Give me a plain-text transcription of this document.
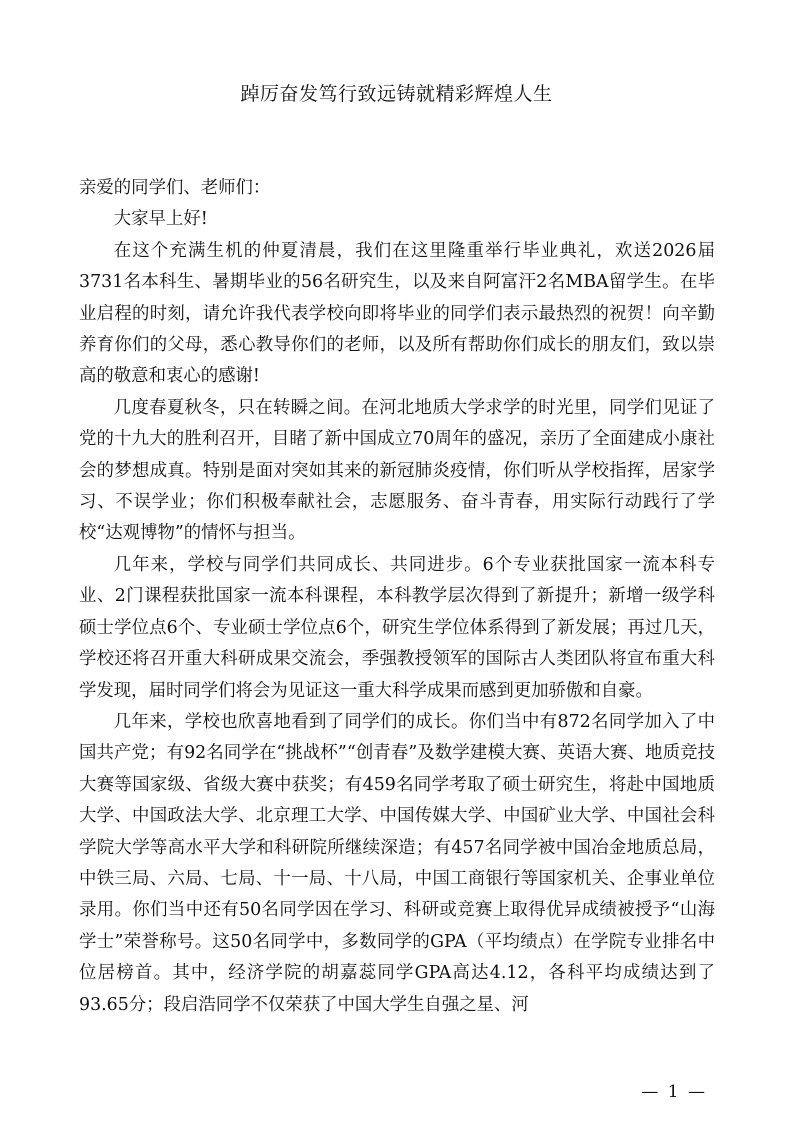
踔厉奋发笃行致远铸就精彩辉煌人生

亲爱的同学们、老师们：

大家早上好!

在这个充满生机的仲夏清晨，我们在这里隆重举行毕业典礼，欢送2026届3731名本科生、暑期毕业的56名研究生，以及来自阿富汗2名MBA留学生。在毕业启程的时刻，请允许我代表学校向即将毕业的同学们表示最热烈的祝贺！向辛勤养育你们的父母，悉心教导你们的老师，以及所有帮助你们成长的朋友们，致以崇高的敬意和衷心的感谢!

几度春夏秋冬，只在转瞬之间。在河北地质大学求学的时光里，同学们见证了党的十九大的胜利召开，目睹了新中国成立70周年的盛况，亲历了全面建成小康社会的梦想成真。特别是面对突如其来的新冠肺炎疫情，你们听从学校指挥，居家学习、不误学业；你们积极奉献社会，志愿服务、奋斗青春，用实际行动践行了学校“达观博物”的情怀与担当。

几年来，学校与同学们共同成长、共同进步。6个专业获批国家一流本科专业、2门课程获批国家一流本科课程，本科教学层次得到了新提升；新增一级学科硕士学位点6个、专业硕士学位点6个，研究生学位体系得到了新发展；再过几天，学校还将召开重大科研成果交流会，季强教授领军的国际古人类团队将宣布重大科学发现，届时同学们将会为见证这一重大科学成果而感到更加骄傲和自豪。

几年来，学校也欣喜地看到了同学们的成长。你们当中有872名同学加入了中国共产党；有92名同学在“挑战杯”“创青春”及数学建模大赛、英语大赛、地质竞技大赛等国家级、省级大赛中获奖；有459名同学考取了硕士研究生，将赴中国地质大学、中国政法大学、北京理工大学、中国传媒大学、中国矿业大学、中国社会科学院大学等高水平大学和科研院所继续深造；有457名同学被中国冶金地质总局，中铁三局、六局、七局、十一局、十八局，中国工商银行等国家机关、企事业单位录用。你们当中还有50名同学因在学习、科研或竞赛上取得优异成绩被授予“山海学士”荣誉称号。这50名同学中，多数同学的GPA（平均绩点）在学院专业排名中位居榜首。其中，经济学院的胡嘉蕊同学GPA高达4.12，各科平均成绩达到了93.65分；段启浩同学不仅荣获了中国大学生自强之星、河

— 1 —
